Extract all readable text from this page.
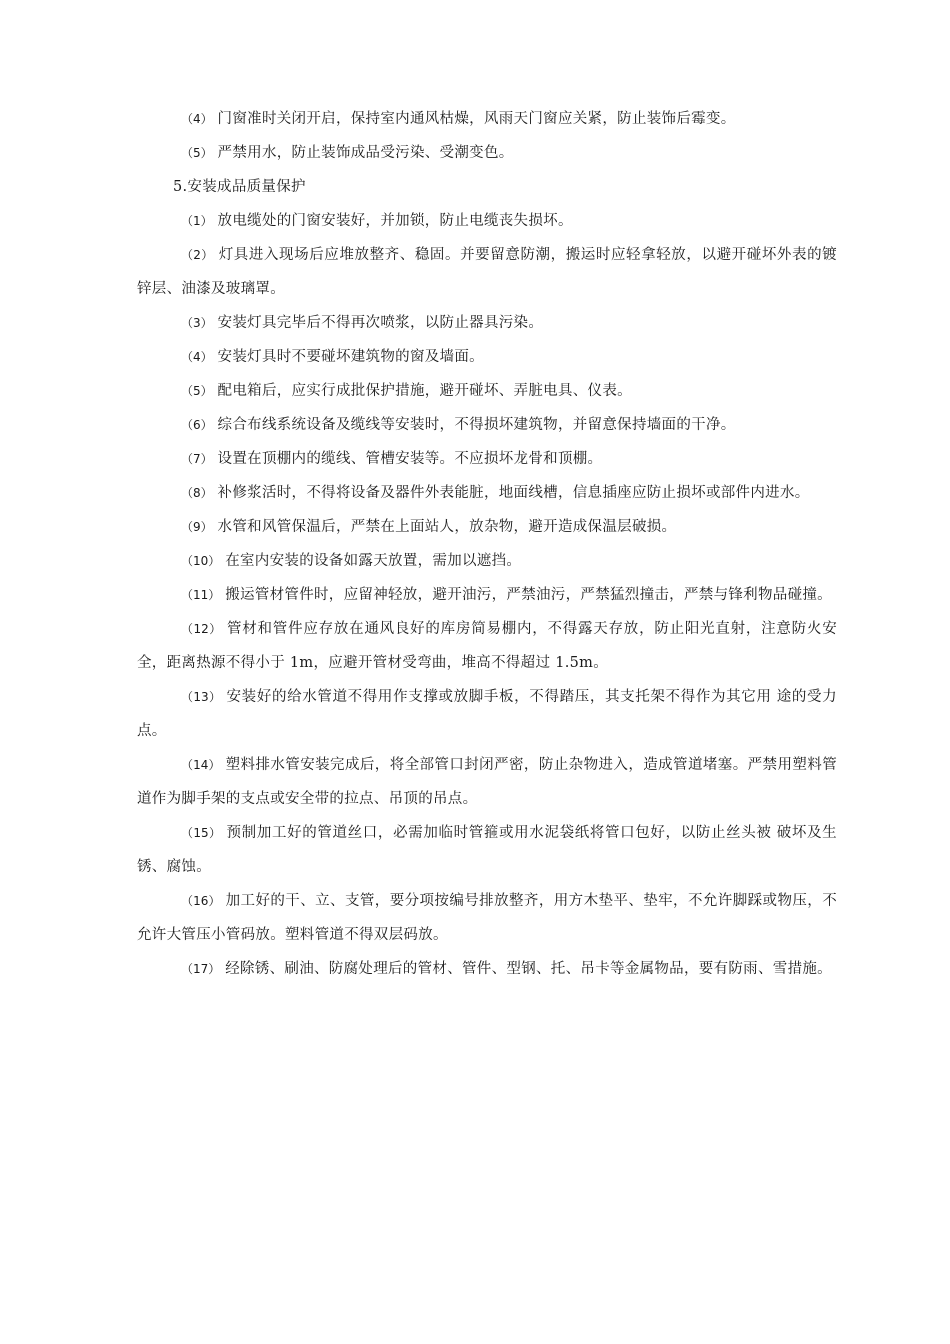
（4） 门窗准时关闭开启，保持室内通风枯燥，风雨天门窗应关紧，防止装饰后霉变。

（5） 严禁用水，防止装饰成品受污染、受潮变色。

5.安装成品质量保护

（1） 放电缆处的门窗安装好，并加锁，防止电缆丧失损坏。

（2） 灯具进入现场后应堆放整齐、稳固。并要留意防潮，搬运时应轻拿轻放，以避开碰坏外表的镀锌层、油漆及玻璃罩。

（3） 安装灯具完毕后不得再次喷浆，以防止器具污染。

（4） 安装灯具时不要碰坏建筑物的窗及墙面。

（5） 配电箱后，应实行成批保护措施，避开碰坏、弄脏电具、仪表。

（6） 综合布线系统设备及缆线等安装时，不得损坏建筑物，并留意保持墙面的干净。

（7） 设置在顶棚内的缆线、管槽安装等。不应损坏龙骨和顶棚。

（8） 补修浆活时，不得将设备及器件外表能脏，地面线槽，信息插座应防止损坏或部件内进水。

（9） 水管和风管保温后，严禁在上面站人，放杂物，避开造成保温层破损。

（10） 在室内安装的设备如露天放置，需加以遮挡。

（11） 搬运管材管件时，应留神轻放，避开油污，严禁油污，严禁猛烈撞击，严禁与锋利物品碰撞。

（12） 管材和管件应存放在通风良好的库房简易棚内，不得露天存放，防止阳光直射，注意防火安全，距离热源不得小于 1m，应避开管材受弯曲，堆高不得超过 1.5m。

（13） 安装好的给水管道不得用作支撑或放脚手板，不得踏压，其支托架不得作为其它用 途的受力点。

（14） 塑料排水管安装完成后，将全部管口封闭严密，防止杂物进入，造成管道堵塞。严禁用塑料管道作为脚手架的支点或安全带的拉点、吊顶的吊点。

（15） 预制加工好的管道丝口，必需加临时管箍或用水泥袋纸将管口包好，以防止丝头被 破坏及生锈、腐蚀。

（16） 加工好的干、立、支管，要分项按编号排放整齐，用方木垫平、垫牢，不允许脚踩或物压，不允许大管压小管码放。塑料管道不得双层码放。

（17） 经除锈、刷油、防腐处理后的管材、管件、型钢、托、吊卡等金属物品，要有防雨、雪措施。
